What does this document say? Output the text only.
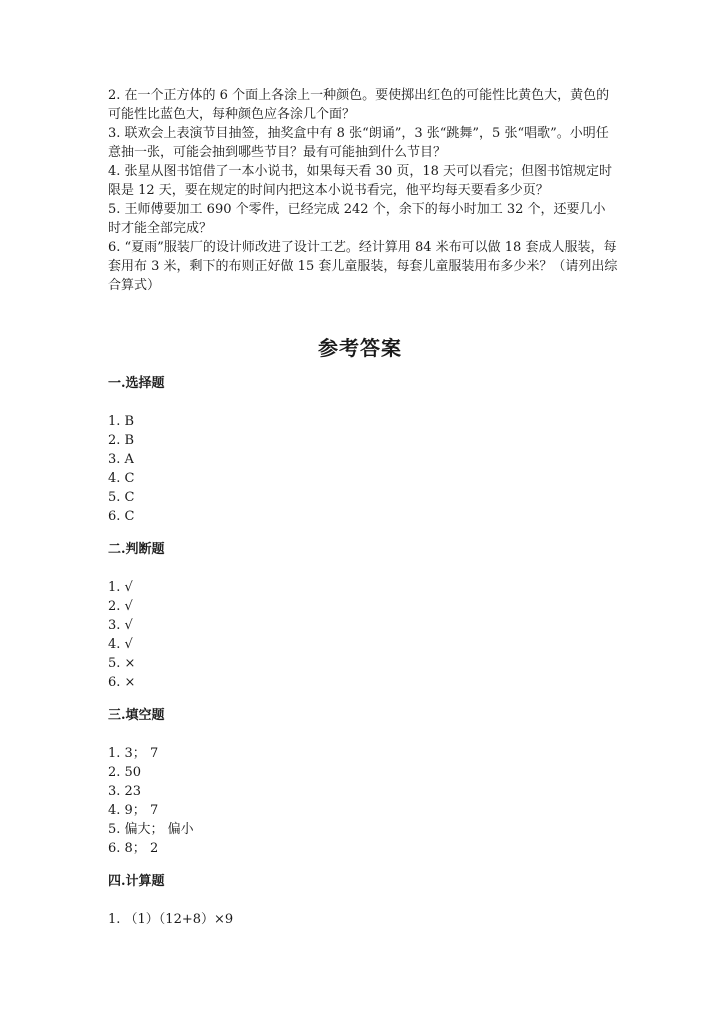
2. 在一个正方体的 6 个面上各涂上一种颜色。要使掷出红色的可能性比黄色大，黄色的可能性比蓝色大，每种颜色应各涂几个面？

3. 联欢会上表演节目抽签，抽奖盒中有 8 张“朗诵”，3 张“跳舞”，5 张“唱歌”。小明任意抽一张，可能会抽到哪些节目？最有可能抽到什么节目？

4. 张星从图书馆借了一本小说书，如果每天看 30 页，18 天可以看完；但图书馆规定时限是 12 天，要在规定的时间内把这本小说书看完，他平均每天要看多少页？

5. 王师傅要加工 690 个零件，已经完成 242 个，余下的每小时加工 32 个，还要几小时才能全部完成？

6. “夏雨”服装厂的设计师改进了设计工艺。经计算用 84 米布可以做 18 套成人服装，每套用布 3 米，剩下的布则正好做 15 套儿童服装，每套儿童服装用布多少米？（请列出综合算式）

参考答案
一.选择题
1. B
2. B
3. A
4. C
5. C
6. C
二.判断题
1. √
2. √
3. √
4. √
5. ×
6. ×
三.填空题
1. 3； 7
2. 50
3. 23
4. 9； 7
5. 偏大； 偏小
6. 8； 2
四.计算题
1. （1）（12+8）×9
